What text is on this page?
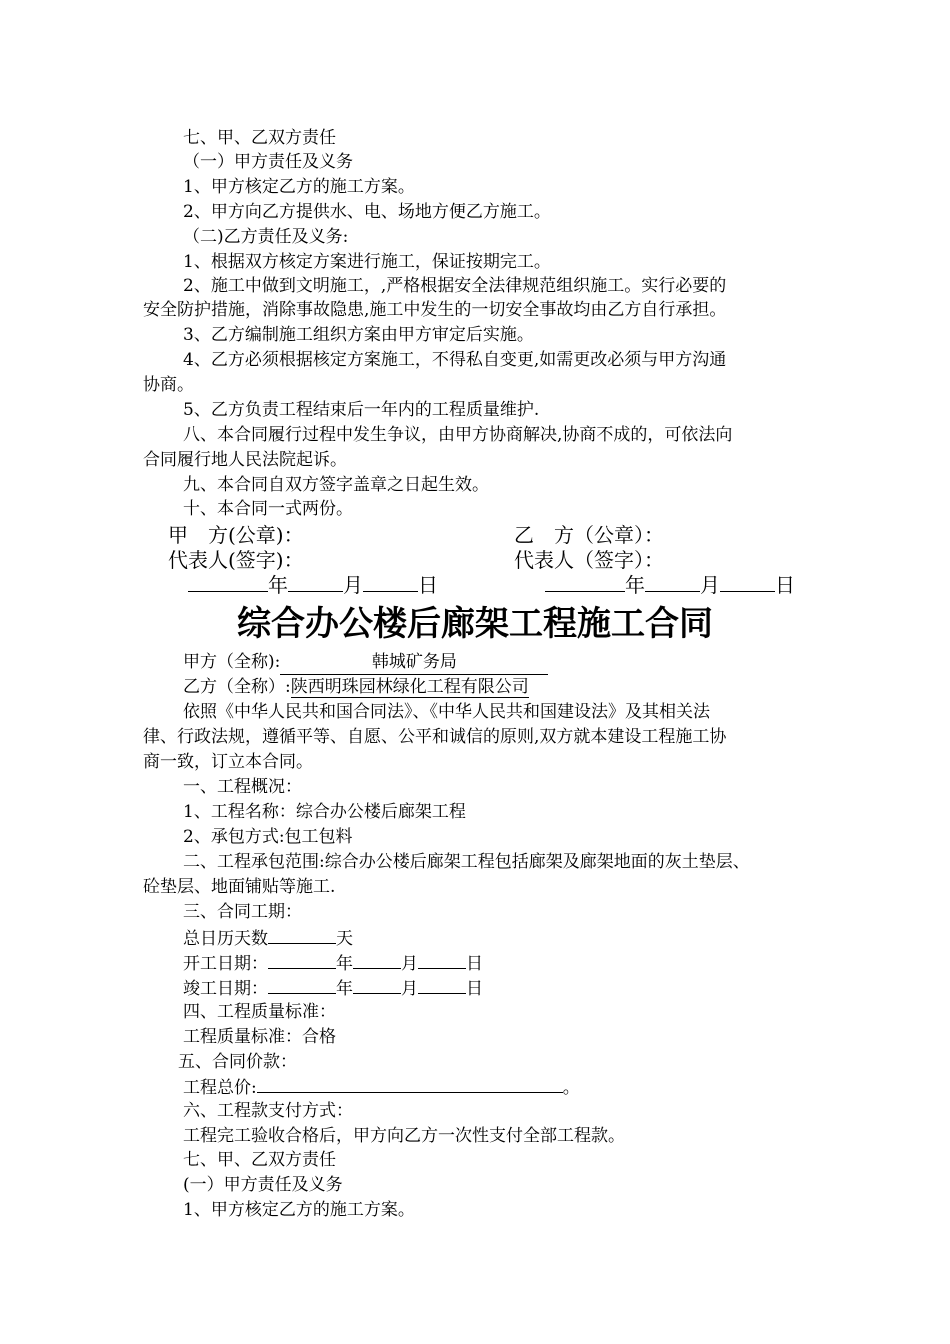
七、甲、乙双方责任
（一）甲方责任及义务
1、甲方核定乙方的施工方案。
2、甲方向乙方提供水、电、场地方便乙方施工。
（二)乙方责任及义务:
1、根据双方核定方案进行施工，保证按期完工。
2、施工中做到文明施工，,严格根据安全法律规范组织施工。实行必要的
安全防护措施，消除事故隐患,施工中发生的一切安全事故均由乙方自行承担。
3、乙方编制施工组织方案由甲方审定后实施。
4、乙方必须根据核定方案施工，不得私自变更,如需更改必须与甲方沟通
协商。
5、乙方负责工程结束后一年内的工程质量维护.
八、本合同履行过程中发生争议，由甲方协商解决,协商不成的，可依法向
合同履行地人民法院起诉。
九、本合同自双方签字盖章之日起生效。
十、本合同一式两份。
甲　方(公章)：	乙　方（公章）：
代表人(签字)：	代表人（签字）：
年	月	日	年	月	日
综合办公楼后廊架工程施工合同
甲方（全称):	韩城矿务局
乙方（全称）:陕西明珠园林绿化工程有限公司
依照《中华人民共和国合同法》、《中华人民共和国建设法》及其相关法
律、行政法规，遵循平等、自愿、公平和诚信的原则,双方就本建设工程施工协
商一致，订立本合同。
一、工程概况：
1、工程名称：综合办公楼后廊架工程
2、承包方式:包工包料
二、工程承包范围:综合办公楼后廊架工程包括廊架及廊架地面的灰土垫层、
砼垫层、地面铺贴等施工.
三、合同工期：
总日历天数	天
开工日期：	年	月	日
竣工日期：	年	月	日
四、工程质量标准：
工程质量标准：合格
五、合同价款：
工程总价:	。
六、工程款支付方式：
工程完工验收合格后，甲方向乙方一次性支付全部工程款。
七、甲、乙双方责任
(一）甲方责任及义务
1、甲方核定乙方的施工方案。
